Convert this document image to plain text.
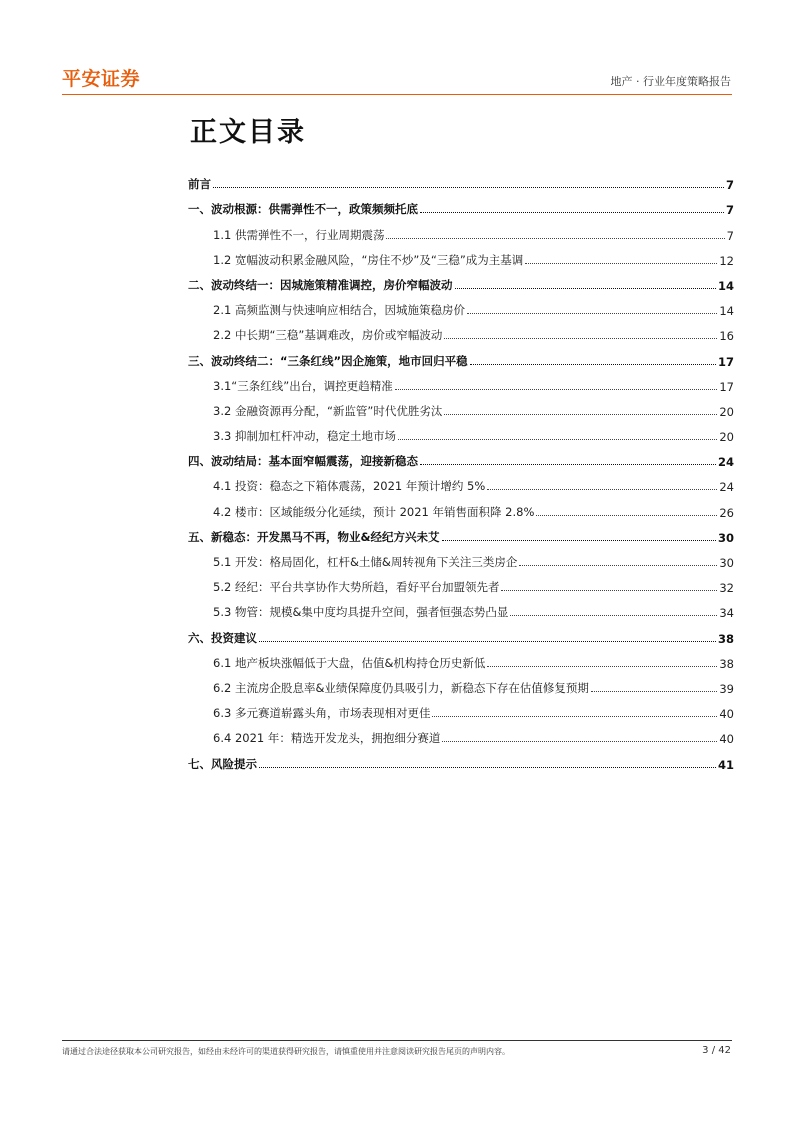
平安证券	地产 · 行业年度策略报告
正文目录
前言	7
一、波动根源：供需弹性不一，政策频频托底	7
1.1 供需弹性不一，行业周期震荡	7
1.2 宽幅波动积累金融风险，“房住不炒”及“三稳”成为主基调	12
二、波动终结一：因城施策精准调控，房价窄幅波动	14
2.1 高频监测与快速响应相结合，因城施策稳房价	14
2.2 中长期“三稳”基调难改，房价或窄幅波动	16
三、波动终结二：“三条红线”因企施策，地市回归平稳	17
3.1“三条红线”出台，调控更趋精准	17
3.2 金融资源再分配，“新监管”时代优胜劣汰	20
3.3 抑制加杠杆冲动，稳定土地市场	20
四、波动结局：基本面窄幅震荡，迎接新稳态	24
4.1 投资：稳态之下箱体震荡，2021 年预计增约 5%	24
4.2 楼市：区域能级分化延续，预计 2021 年销售面积降 2.8%	26
五、新稳态：开发黑马不再，物业&经纪方兴未艾	30
5.1 开发：格局固化，杠杆&土储&周转视角下关注三类房企	30
5.2 经纪：平台共享协作大势所趋，看好平台加盟领先者	32
5.3 物管：规模&集中度均具提升空间，强者恒强态势凸显	34
六、投资建议	38
6.1 地产板块涨幅低于大盘，估值&机构持仓历史新低	38
6.2 主流房企股息率&业绩保障度仍具吸引力，新稳态下存在估值修复预期	39
6.3 多元赛道崭露头角，市场表现相对更佳	40
6.4 2021 年：精选开发龙头，拥抱细分赛道	40
七、风险提示	41
请通过合法途径获取本公司研究报告，如经由未经许可的渠道获得研究报告，请慎重使用并注意阅读研究报告尾页的声明内容。	3 / 42
